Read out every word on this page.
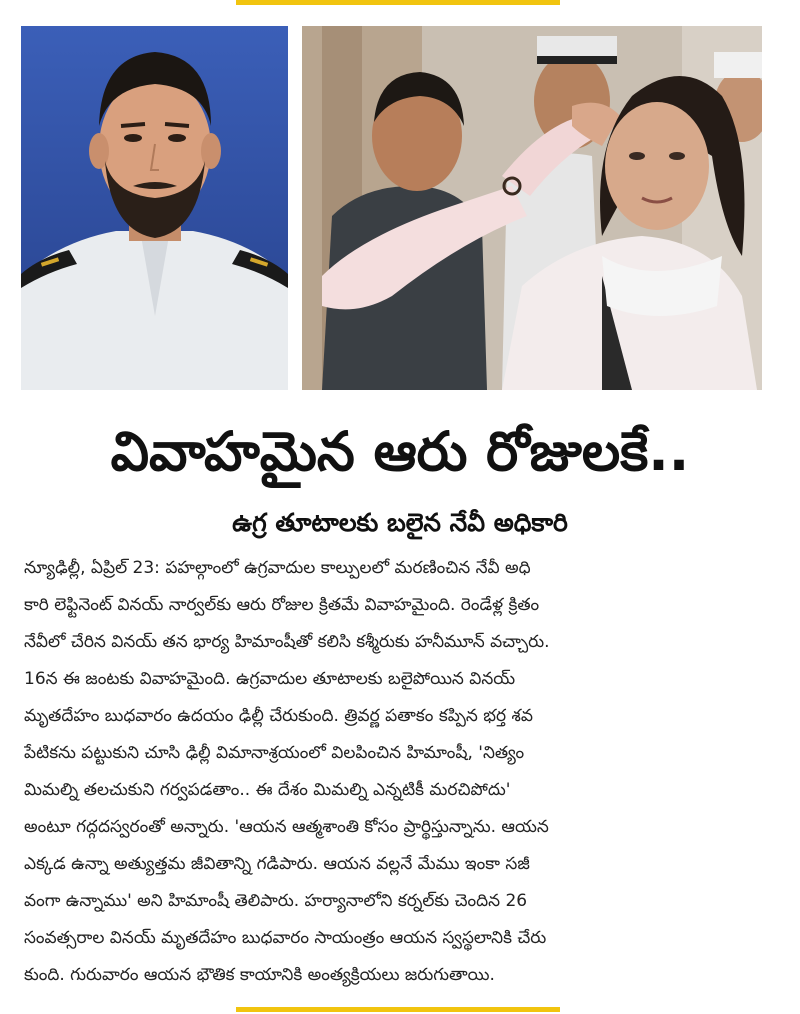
వివాహమైన ఆరు రోజులకే..
ఉగ్ర తూటాలకు బలైన నేవీ అధికారి
న్యూఢిల్లీ, ఏప్రిల్ 23: పహల్గాంలో ఉగ్రవాదుల కాల్పులలో మరణించిన నేవీ అధి
కారి లెఫ్టినెంట్ వినయ్ నార్వల్‌కు ఆరు రోజుల క్రితమే వివాహమైంది. రెండేళ్ల క్రితం
నేవీలో చేరిన వినయ్ తన భార్య హిమాంషీతో కలిసి కశ్మీరుకు హనీమూన్ వచ్చారు.
16న ఈ జంటకు వివాహమైంది. ఉగ్రవాదుల తూటాలకు బలైపోయిన వినయ్
మృతదేహం బుధవారం ఉదయం ఢిల్లీ చేరుకుంది. త్రివర్ణ పతాకం కప్పిన భర్త శవ
పేటికను పట్టుకుని చూసి ఢిల్లీ విమానాశ్రయంలో విలపించిన హిమాంషీ, 'నిత్యం
మిమల్ని తలచుకుని గర్వపడతాం.. ఈ దేశం మిమల్ని ఎన్నటికీ మరచిపోదు'
అంటూ గద్గదస్వరంతో అన్నారు. 'ఆయన ఆత్మశాంతి కోసం ప్రార్థిస్తున్నాను. ఆయన
ఎక్కడ ఉన్నా అత్యుత్తమ జీవితాన్ని గడిపారు. ఆయన వల్లనే మేము ఇంకా సజీ
వంగా ఉన్నాము' అని హిమాంషీ తెలిపారు. హర్యానాలోని కర్నల్‌కు చెందిన 26
సంవత్సరాల వినయ్ మృతదేహం బుధవారం సాయంత్రం ఆయన స్వస్థలానికి చేరు
కుంది. గురువారం ఆయన భౌతిక కాయానికి అంత్యక్రియలు జరుగుతాయి.
